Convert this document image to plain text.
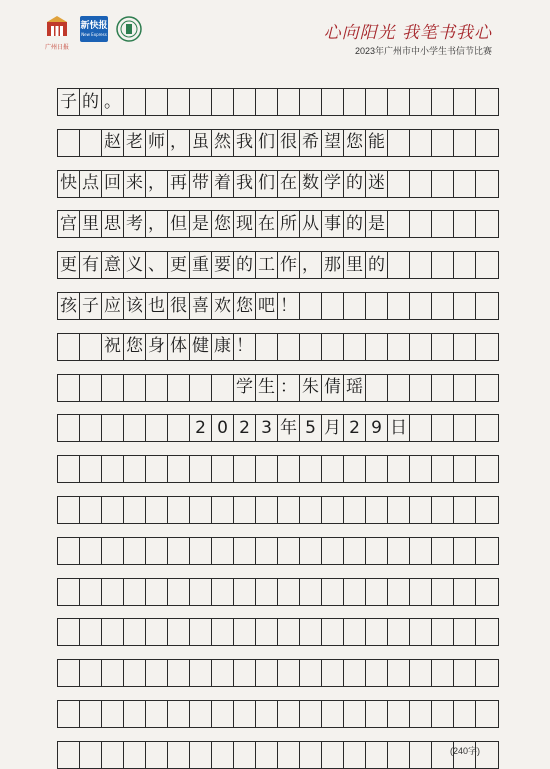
广州日报
新快报
New Express	心向阳光 我笔书我心
2023年广州市中小学生书信节比赛
子 的 。
赵 老 师 ， 虽 然 我 们 很 希 望 您 能
快 点 回 来 ， 再 带 着 我 们 在 数 学 的 迷
宫 里 思 考 ， 但 是 您 现 在 所 从 事 的 是
更 有 意 义 、 更 重 要 的 工 作 ， 那 里 的
孩 子 应 该 也 很 喜 欢 您 吧 ！
祝 您 身 体 健 康 ！
学 生 ： 朱 倩 瑶
2 0 2 3 年 5 月 2 9 日
(240字)
